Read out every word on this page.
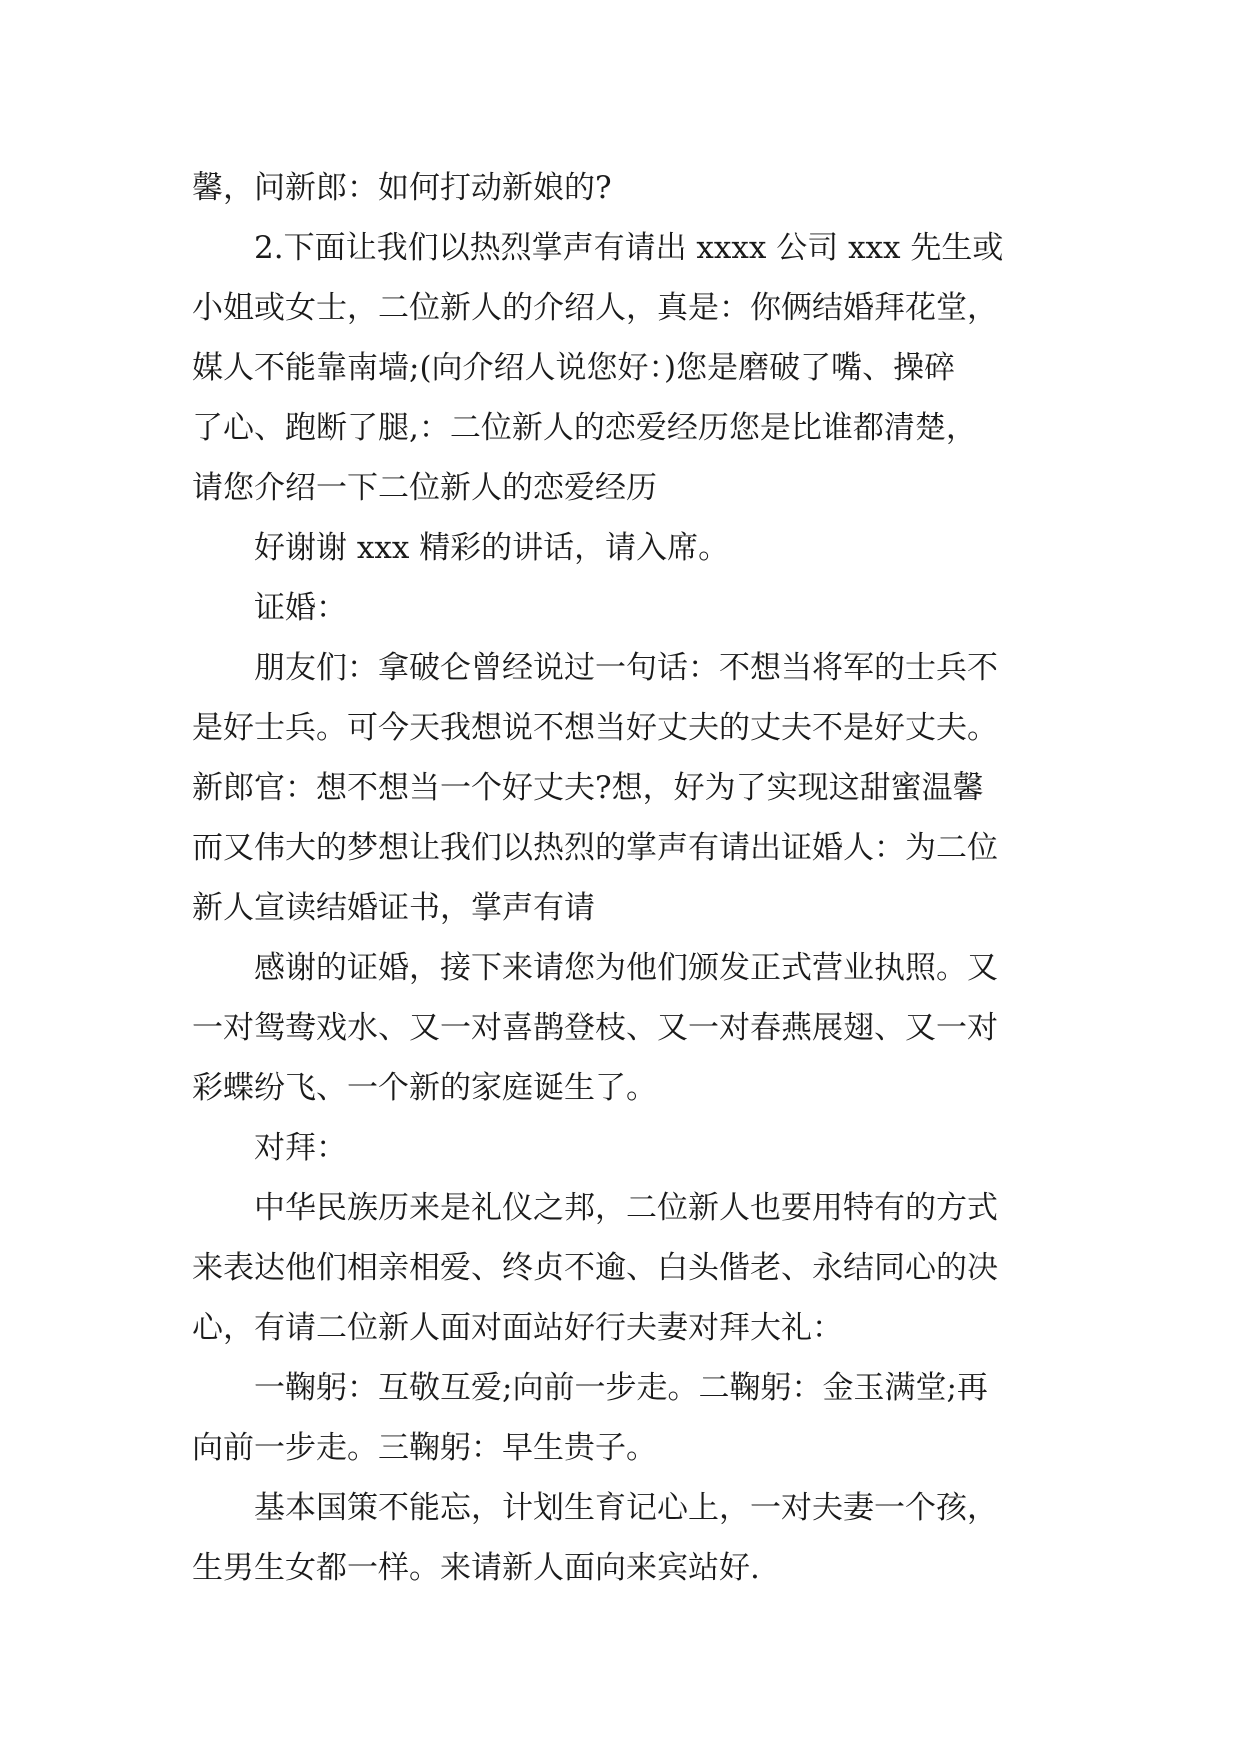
馨，问新郎：如何打动新娘的?
2.下面让我们以热烈掌声有请出 xxxx 公司 xxx 先生或
小姐或女士，二位新人的介绍人，真是：你俩结婚拜花堂，
媒人不能靠南墙;(向介绍人说您好：)您是磨破了嘴、操碎
了心、跑断了腿,：二位新人的恋爱经历您是比谁都清楚，
请您介绍一下二位新人的恋爱经历
好谢谢 xxx 精彩的讲话，请入席。
证婚：
朋友们：拿破仑曾经说过一句话：不想当将军的士兵不
是好士兵。可今天我想说不想当好丈夫的丈夫不是好丈夫。
新郎官：想不想当一个好丈夫?想，好为了实现这甜蜜温馨
而又伟大的梦想让我们以热烈的掌声有请出证婚人：为二位
新人宣读结婚证书，掌声有请
感谢的证婚，接下来请您为他们颁发正式营业执照。又
一对鸳鸯戏水、又一对喜鹊登枝、又一对春燕展翅、又一对
彩蝶纷飞、一个新的家庭诞生了。
对拜：
中华民族历来是礼仪之邦，二位新人也要用特有的方式
来表达他们相亲相爱、终贞不逾、白头偕老、永结同心的决
心，有请二位新人面对面站好行夫妻对拜大礼：
一鞠躬：互敬互爱;向前一步走。二鞠躬：金玉满堂;再
向前一步走。三鞠躬：早生贵子。
基本国策不能忘，计划生育记心上，一对夫妻一个孩，
生男生女都一样。来请新人面向来宾站好.
